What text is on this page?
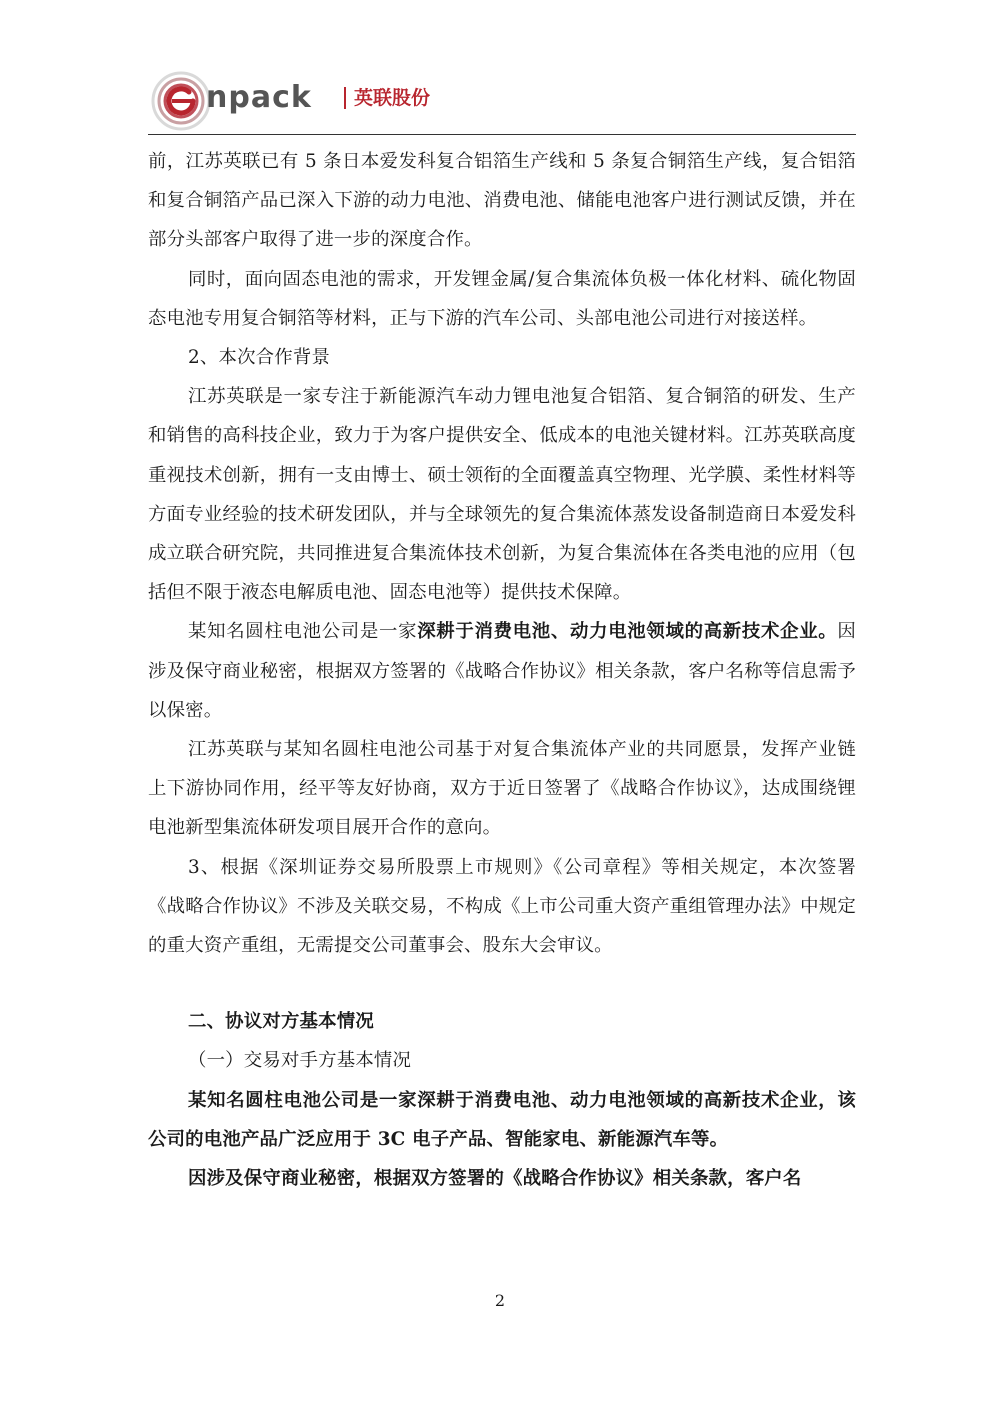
npack 英联股份

前，江苏英联已有 5 条日本爱发科复合铝箔生产线和 5 条复合铜箔生产线，复合铝箔和复合铜箔产品已深入下游的动力电池、消费电池、储能电池客户进行测试反馈，并在部分头部客户取得了进一步的深度合作。

同时，面向固态电池的需求，开发锂金属/复合集流体负极一体化材料、硫化物固态电池专用复合铜箔等材料，正与下游的汽车公司、头部电池公司进行对接送样。

2、本次合作背景

江苏英联是一家专注于新能源汽车动力锂电池复合铝箔、复合铜箔的研发、生产和销售的高科技企业，致力于为客户提供安全、低成本的电池关键材料。江苏英联高度重视技术创新，拥有一支由博士、硕士领衔的全面覆盖真空物理、光学膜、柔性材料等方面专业经验的技术研发团队，并与全球领先的复合集流体蒸发设备制造商日本爱发科成立联合研究院，共同推进复合集流体技术创新，为复合集流体在各类电池的应用（包括但不限于液态电解质电池、固态电池等）提供技术保障。

某知名圆柱电池公司是一家深耕于消费电池、动力电池领域的高新技术企业。因涉及保守商业秘密，根据双方签署的《战略合作协议》相关条款，客户名称等信息需予以保密。

江苏英联与某知名圆柱电池公司基于对复合集流体产业的共同愿景，发挥产业链上下游协同作用，经平等友好协商，双方于近日签署了《战略合作协议》，达成围绕锂电池新型集流体研发项目展开合作的意向。

3、根据《深圳证券交易所股票上市规则》《公司章程》等相关规定，本次签署《战略合作协议》不涉及关联交易，不构成《上市公司重大资产重组管理办法》中规定的重大资产重组，无需提交公司董事会、股东大会审议。

二、协议对方基本情况

（一）交易对手方基本情况

某知名圆柱电池公司是一家深耕于消费电池、动力电池领域的高新技术企业，该公司的电池产品广泛应用于 3C 电子产品、智能家电、新能源汽车等。

因涉及保守商业秘密，根据双方签署的《战略合作协议》相关条款，客户名

2
